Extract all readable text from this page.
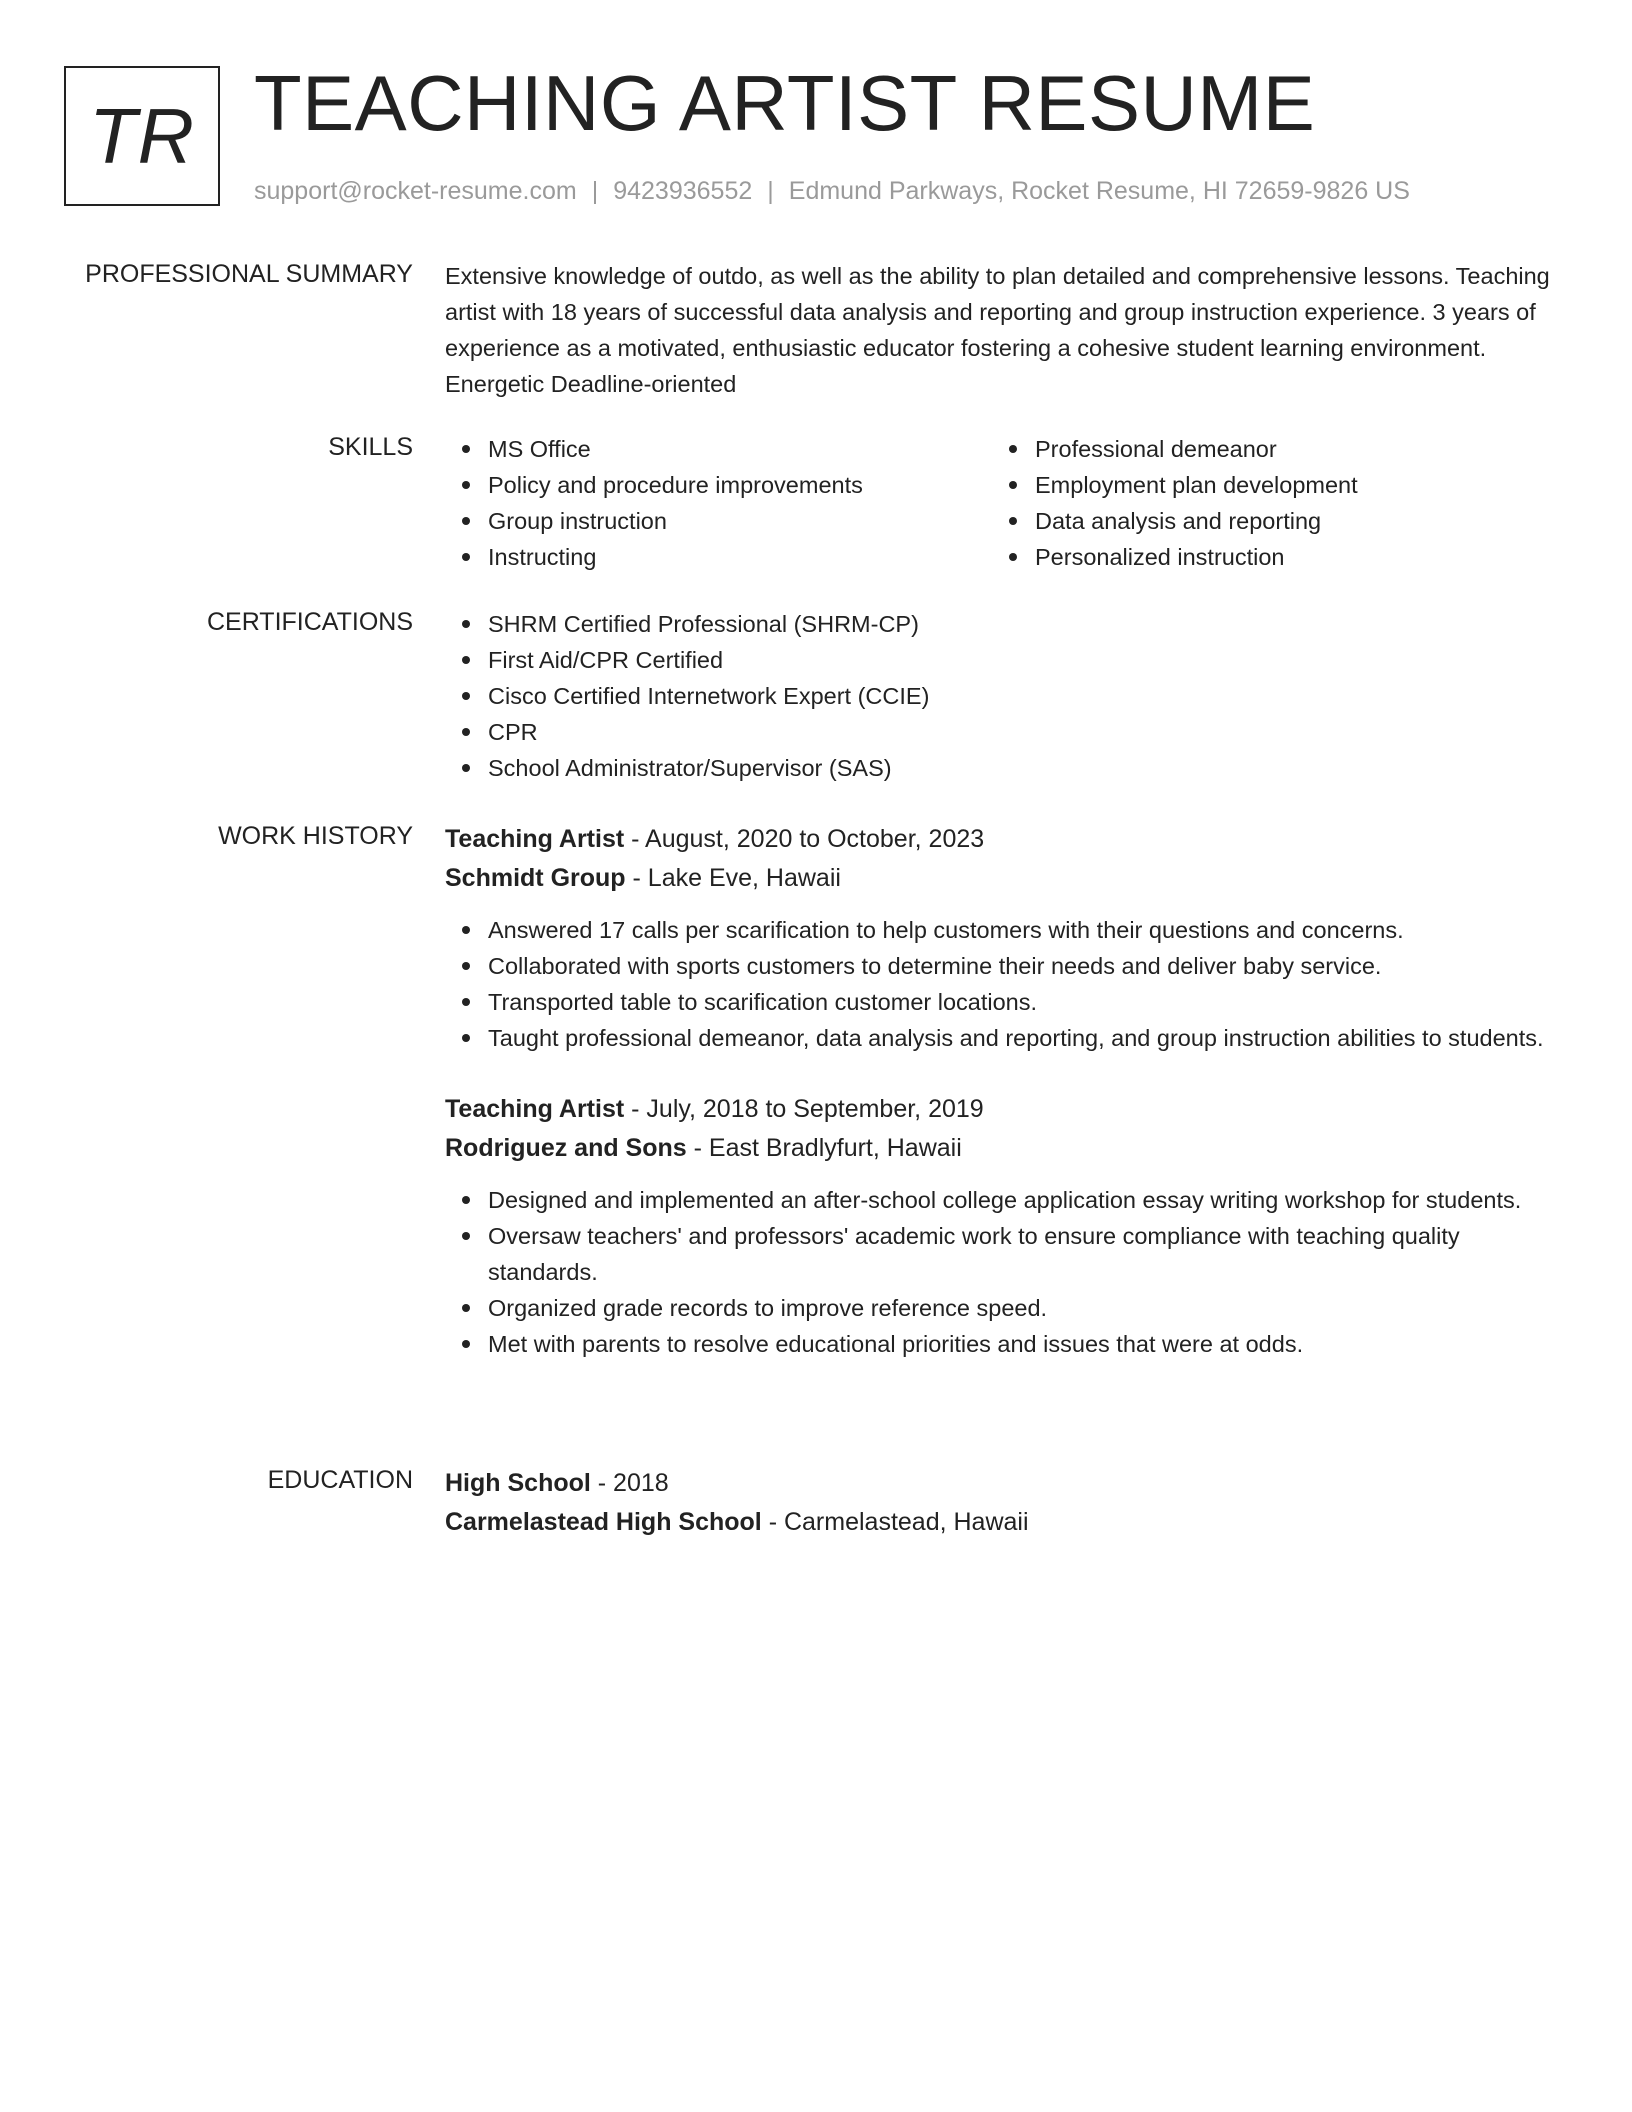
TR TEACHING ARTIST RESUME
support@rocket-resume.com | 9423936552 | Edmund Parkways, Rocket Resume, HI 72659-9826 US
PROFESSIONAL SUMMARY Extensive knowledge of outdo, as well as the ability to plan detailed and comprehensive lessons. Teaching artist with 18 years of successful data analysis and reporting and group instruction experience. 3 years of experience as a motivated, enthusiastic educator fostering a cohesive student learning environment. Energetic Deadline-oriented

SKILLS	MS Office
Policy and procedure improvements
Group instruction
Instructing
Professional demeanor
Employment plan development
Data analysis and reporting
Personalized instruction
CERTIFICATIONS	SHRM Certified Professional (SHRM-CP)
First Aid/CPR Certified
Cisco Certified Internetwork Expert (CCIE)
CPR
School Administrator/Supervisor (SAS)
WORK HISTORY Teaching Artist - August, 2020 to October, 2023
Schmidt Group - Lake Eve, Hawaii
Answered 17 calls per scarification to help customers with their questions and concerns.
Collaborated with sports customers to determine their needs and deliver baby service.
Transported table to scarification customer locations.
Taught professional demeanor, data analysis and reporting, and group instruction abilities to students.
Teaching Artist - July, 2018 to September, 2019
Rodriguez and Sons - East Bradlyfurt, Hawaii
Designed and implemented an after-school college application essay writing workshop for students.
Oversaw teachers' and professors' academic work to ensure compliance with teaching quality standards.
Organized grade records to improve reference speed.
Met with parents to resolve educational priorities and issues that were at odds.
EDUCATION High School - 2018
Carmelastead High School - Carmelastead, Hawaii
